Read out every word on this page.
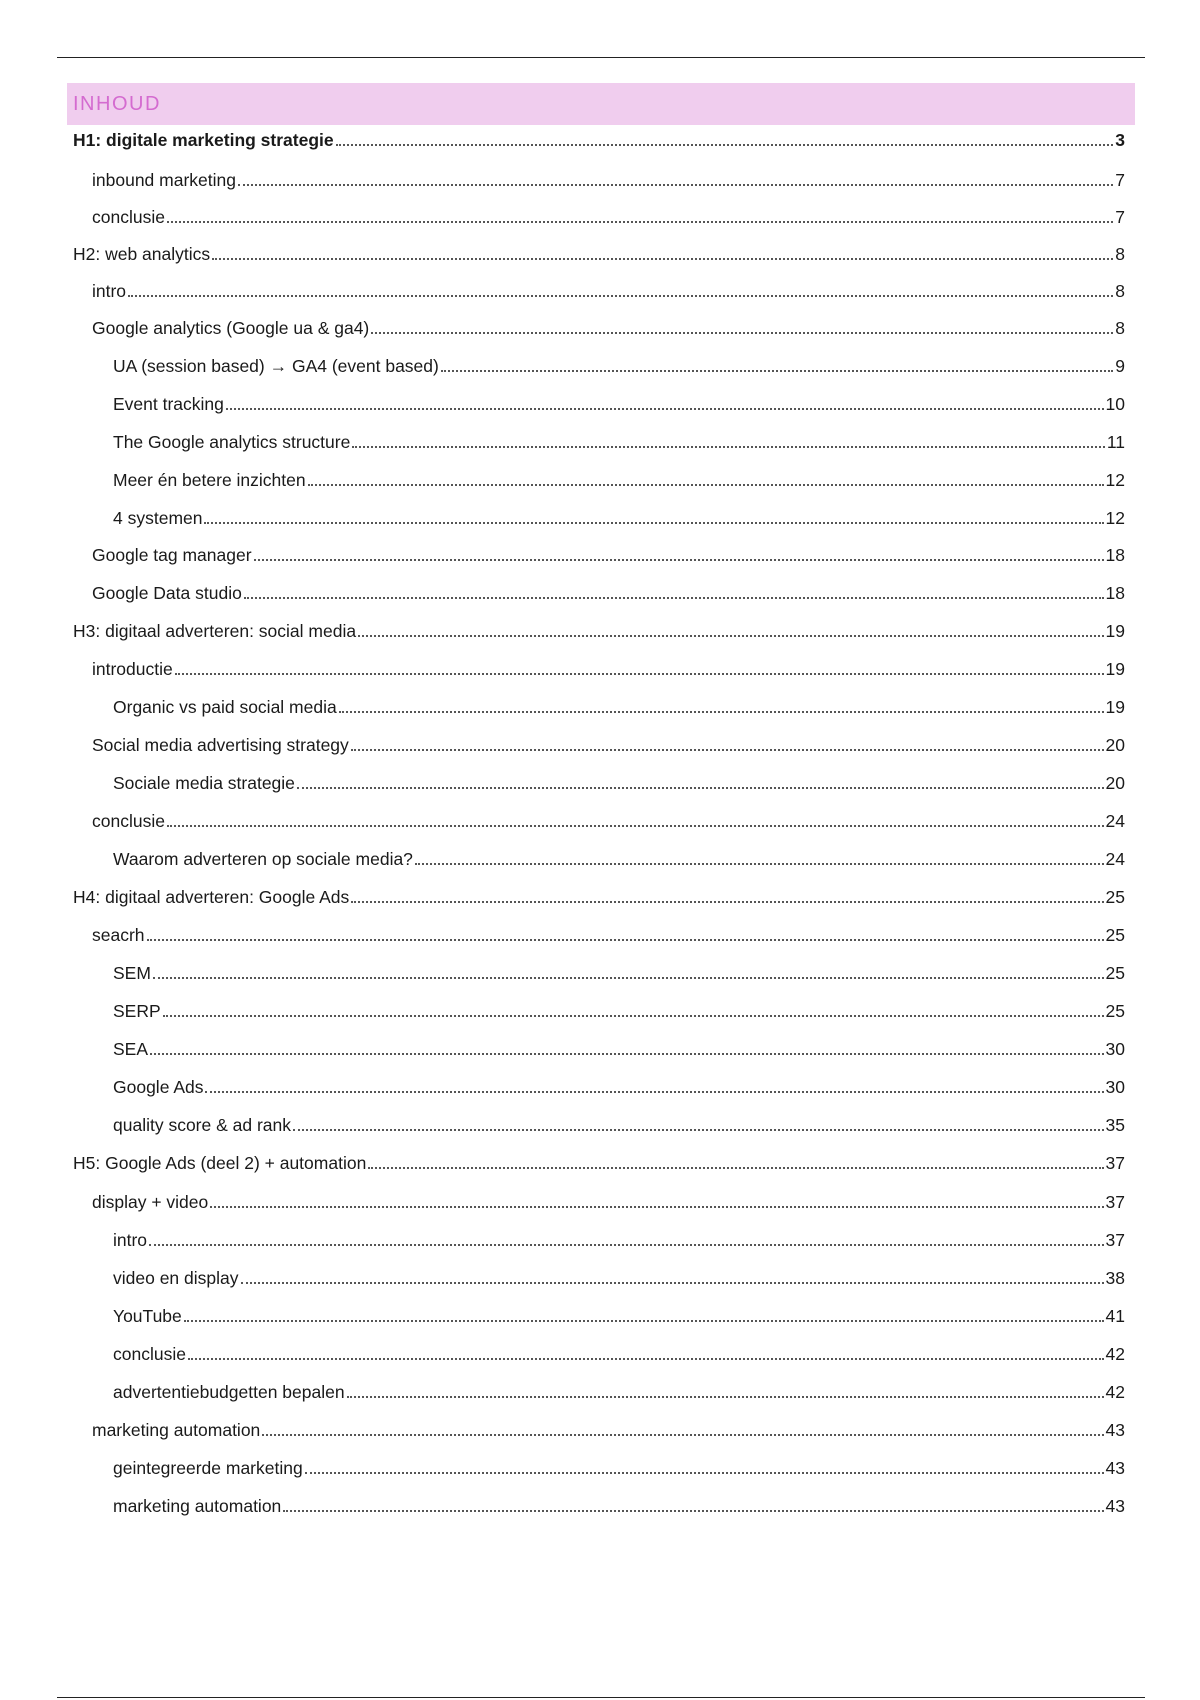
INHOUD
H1: digitale marketing strategie	3
inbound marketing	7
conclusie	7
H2: web analytics	8
intro	8
Google analytics (Google ua & ga4)	8
UA (session based) → GA4 (event based)	9
Event tracking	10
The Google analytics structure	11
Meer én betere inzichten	12
4 systemen	12
Google tag manager	18
Google Data studio	18
H3: digitaal adverteren: social media	19
introductie	19
Organic vs paid social media	19
Social media advertising strategy	20
Sociale media strategie	20
conclusie	24
Waarom adverteren op sociale media?	24
H4: digitaal adverteren: Google Ads	25
seacrh	25
SEM	25
SERP	25
SEA	30
Google Ads	30
quality score & ad rank	35
H5: Google Ads (deel 2) + automation	37
display + video	37
intro	37
video en display	38
YouTube	41
conclusie	42
advertentiebudgetten bepalen	42
marketing automation	43
geintegreerde marketing	43
marketing automation	43
